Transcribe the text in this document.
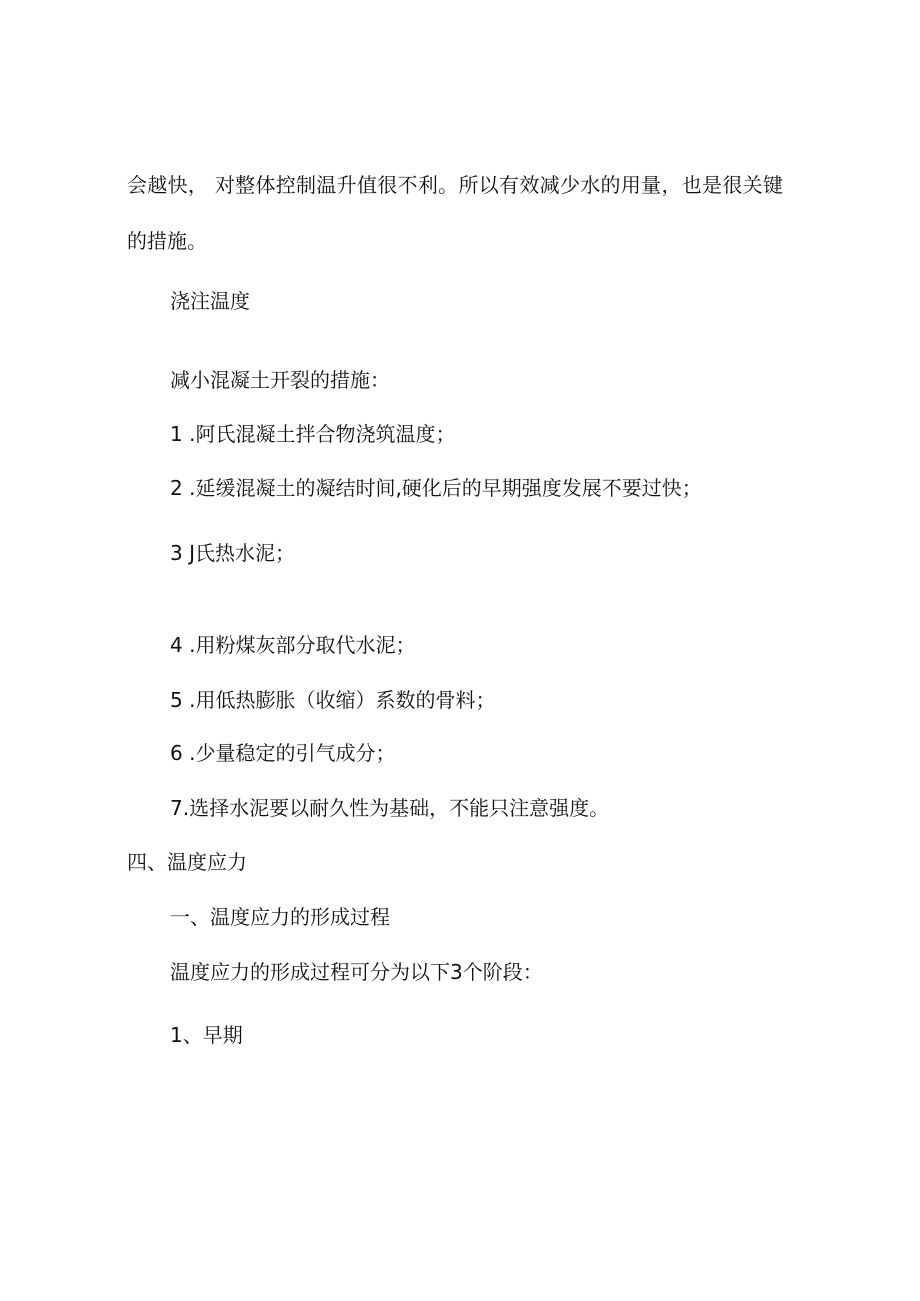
会越快， 对整体控制温升值很不利。所以有效减少水的用量，也是很关键
的措施。
浇注温度
减小混凝土开裂的措施：
1 .阿氏混凝土拌合物浇筑温度；
2 .延缓混凝土的凝结时间,硬化后的早期强度发展不要过快；
3 J氏热水泥；
4 .用粉煤灰部分取代水泥；
5 .用低热膨胀（收缩）系数的骨料；
6 .少量稳定的引气成分；
7.选择水泥要以耐久性为基础，不能只注意强度。
四、温度应力
一、温度应力的形成过程
温度应力的形成过程可分为以下3个阶段：
1、早期
